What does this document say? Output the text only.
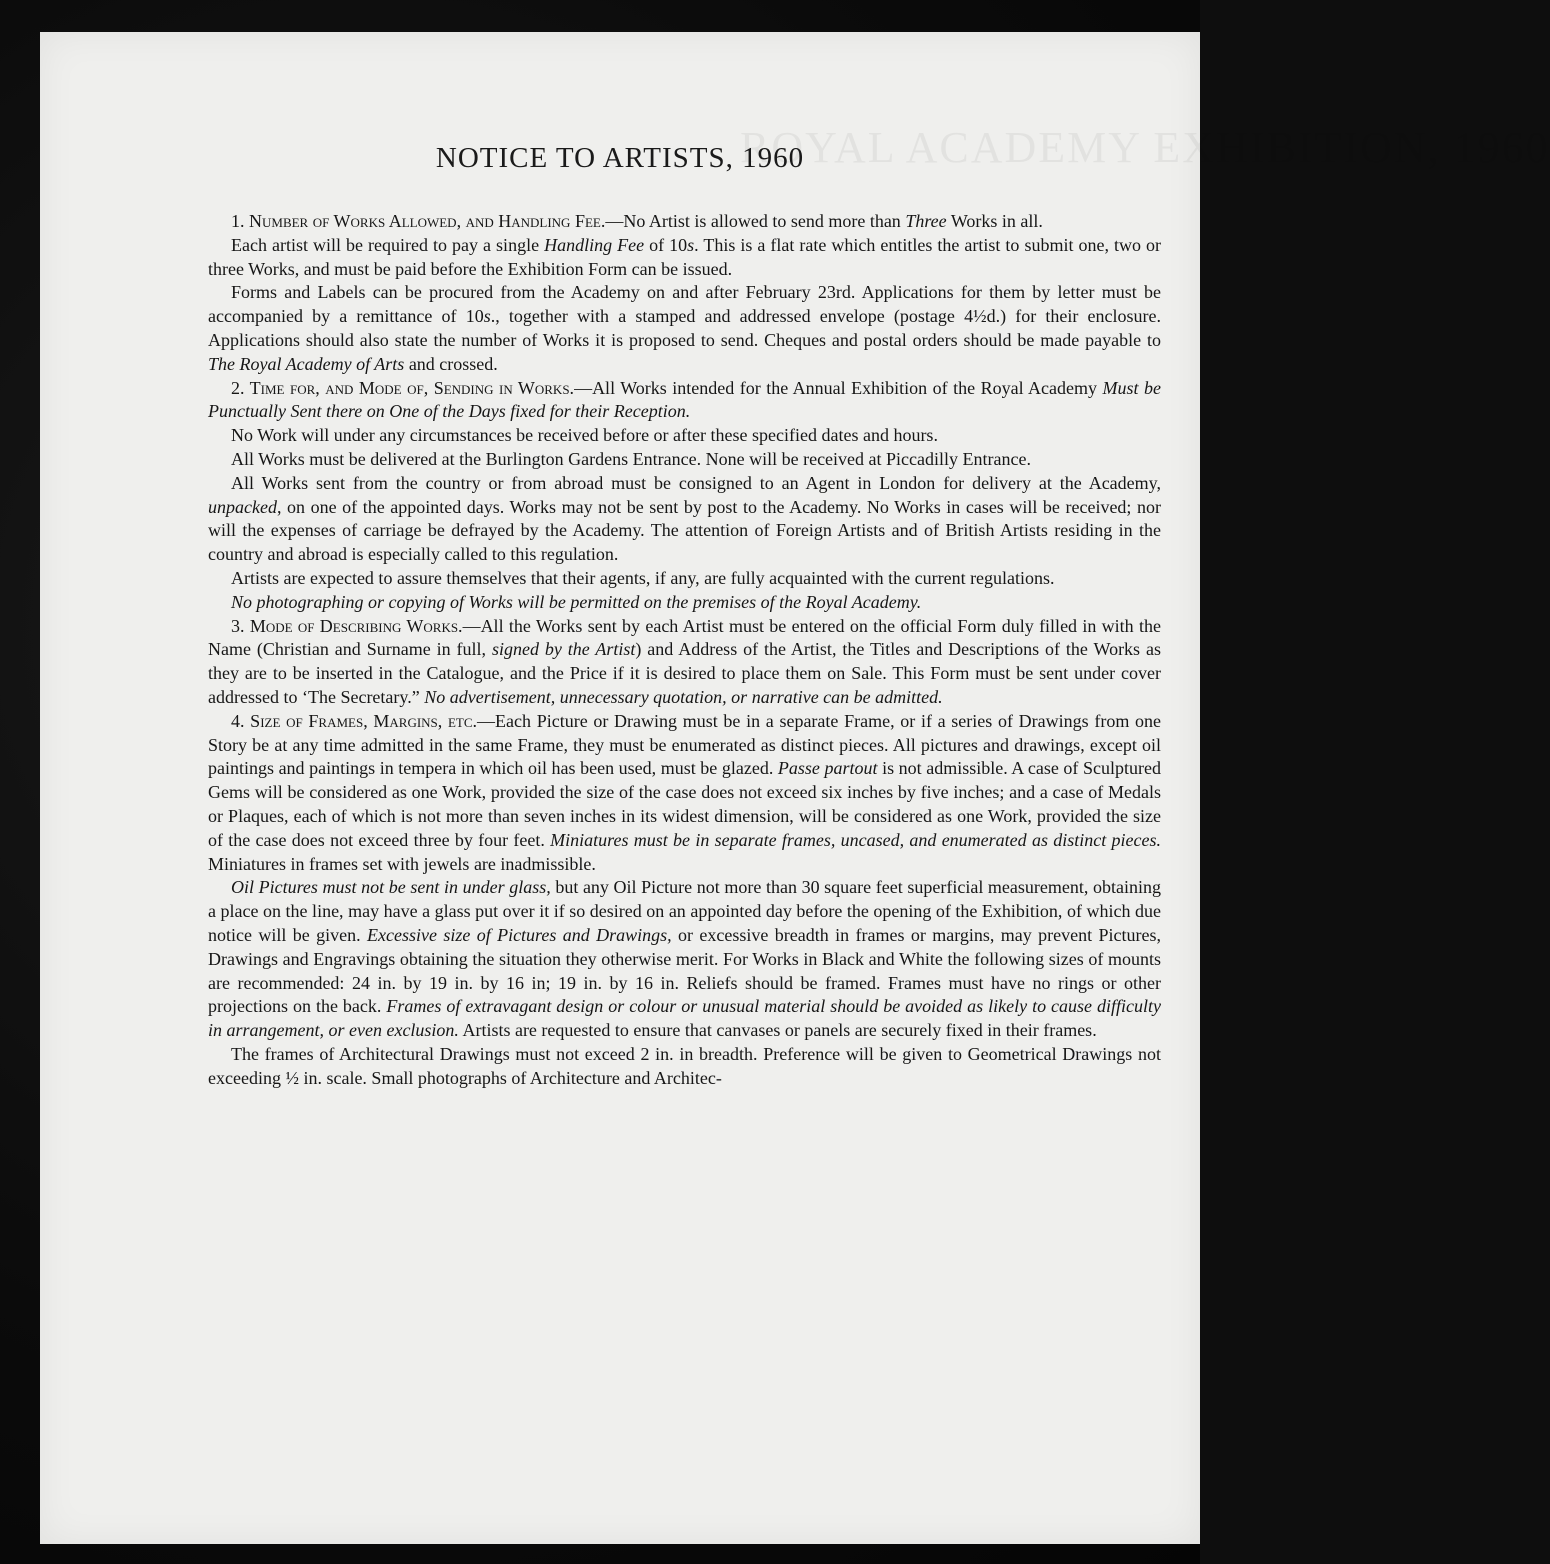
ROYAL ACADEMY EXHIBITION, 1960
NOTICE TO ARTISTS, 1960

1. Number of Works Allowed, and Handling Fee.—No Artist is allowed to send more than Three Works in all.

Each artist will be required to pay a single Handling Fee of 10s. This is a flat rate which entitles the artist to submit one, two or three Works, and must be paid before the Exhibition Form can be issued.

Forms and Labels can be procured from the Academy on and after February 23rd. Applications for them by letter must be accompanied by a remittance of 10s., together with a stamped and addressed envelope (postage 4½d.) for their enclosure. Applications should also state the number of Works it is proposed to send. Cheques and postal orders should be made payable to The Royal Academy of Arts and crossed.

2. Time for, and Mode of, Sending in Works.—All Works intended for the Annual Exhibition of the Royal Academy Must be Punctually Sent there on One of the Days fixed for their Reception.

No Work will under any circumstances be received before or after these specified dates and hours.

All Works must be delivered at the Burlington Gardens Entrance. None will be received at Piccadilly Entrance.

All Works sent from the country or from abroad must be consigned to an Agent in London for delivery at the Academy, unpacked, on one of the appointed days. Works may not be sent by post to the Academy. No Works in cases will be received; nor will the expenses of carriage be defrayed by the Academy. The attention of Foreign Artists and of British Artists residing in the country and abroad is especially called to this regulation.

Artists are expected to assure themselves that their agents, if any, are fully acquainted with the current regulations.

No photographing or copying of Works will be permitted on the premises of the Royal Academy.

3. Mode of Describing Works.—All the Works sent by each Artist must be entered on the official Form duly filled in with the Name (Christian and Surname in full, signed by the Artist) and Address of the Artist, the Titles and Descriptions of the Works as they are to be inserted in the Catalogue, and the Price if it is desired to place them on Sale. This Form must be sent under cover addressed to ‘The Secretary.” No advertisement, unnecessary quotation, or narrative can be admitted.

4. Size of Frames, Margins, etc.—Each Picture or Drawing must be in a separate Frame, or if a series of Drawings from one Story be at any time admitted in the same Frame, they must be enumerated as distinct pieces. All pictures and drawings, except oil paintings and paintings in tempera in which oil has been used, must be glazed. Passe partout is not admissible. A case of Sculptured Gems will be considered as one Work, provided the size of the case does not exceed six inches by five inches; and a case of Medals or Plaques, each of which is not more than seven inches in its widest dimension, will be considered as one Work, provided the size of the case does not exceed three by four feet. Miniatures must be in separate frames, uncased, and enumerated as distinct pieces. Miniatures in frames set with jewels are inadmissible.

Oil Pictures must not be sent in under glass, but any Oil Picture not more than 30 square feet superficial measurement, obtaining a place on the line, may have a glass put over it if so desired on an appointed day before the opening of the Exhibition, of which due notice will be given. Excessive size of Pictures and Drawings, or excessive breadth in frames or margins, may prevent Pictures, Drawings and Engravings obtaining the situation they otherwise merit. For Works in Black and White the following sizes of mounts are recommended: 24 in. by 19 in. by 16 in; 19 in. by 16 in. Reliefs should be framed. Frames must have no rings or other projections on the back. Frames of extravagant design or colour or unusual material should be avoided as likely to cause difficulty in arrangement, or even exclusion. Artists are requested to ensure that canvases or panels are securely fixed in their frames.

The frames of Architectural Drawings must not exceed 2 in. in breadth. Preference will be given to Geometrical Drawings not exceeding ½ in. scale. Small photographs of Architecture and Architec-
